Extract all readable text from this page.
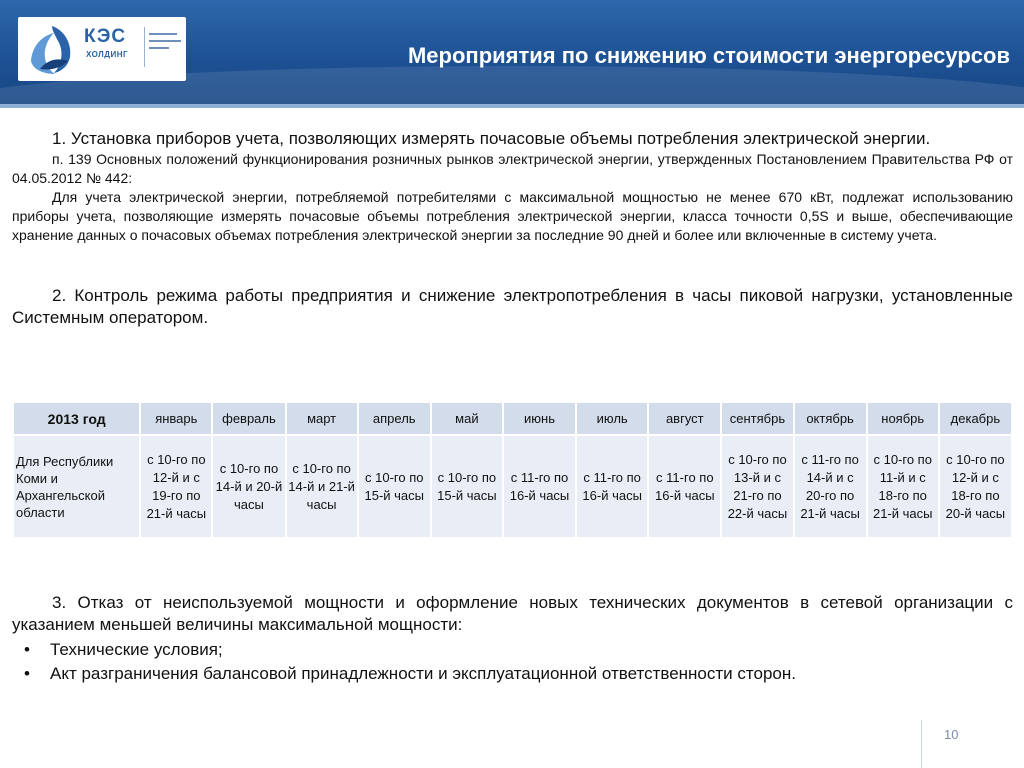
КЭС
ХОЛДИНГ	Мероприятия по снижению стоимости энергоресурсов

1. Установка приборов учета, позволяющих измерять почасовые объемы потребления электрической энергии.

п. 139 Основных положений функционирования розничных рынков электрической энергии, утвержденных Постановлением Правительства РФ от 04.05.2012 № 442:

Для учета электрической энергии, потребляемой потребителями с максимальной мощностью не менее 670 кВт, подлежат использованию приборы учета, позволяющие измерять почасовые объемы потребления электрической энергии, класса точности 0,5S и выше, обеспечивающие хранение данных о почасовых объемах потребления электрической энергии за последние 90 дней и более или включенные в систему учета.

2. Контроль режима работы предприятия и снижение электропотребления в часы пиковой нагрузки, установленные Системным оператором.

2013 год	январь	февраль	март	апрель	май	июнь	июль	август	сентябрь	октябрь	ноябрь	декабрь
Для Республики Коми и Архангельской области	с 10-го по 12-й и с 19-го по 21-й часы	с 10-го по 14-й и 20-й часы	с 10-го по 14-й и 21-й часы	с 10-го по 15-й часы	с 10-го по 15-й часы	с 11-го по 16-й часы	с 11-го по 16-й часы	с 11-го по 16-й часы	с 10-го по 13-й и с 21-го по 22-й часы	с 11-го по 14-й и с 20-го по 21-й часы	с 10-го по 11-й и с 18-го по 21-й часы	с 10-го по 12-й и с 18-го по 20-й часы

3. Отказ от неиспользуемой мощности и оформление новых технических документов в сетевой организации с указанием меньшей величины максимальной мощности:

• Технические условия;
• Акт разграничения балансовой принадлежности и эксплуатационной ответственности сторон.
10
